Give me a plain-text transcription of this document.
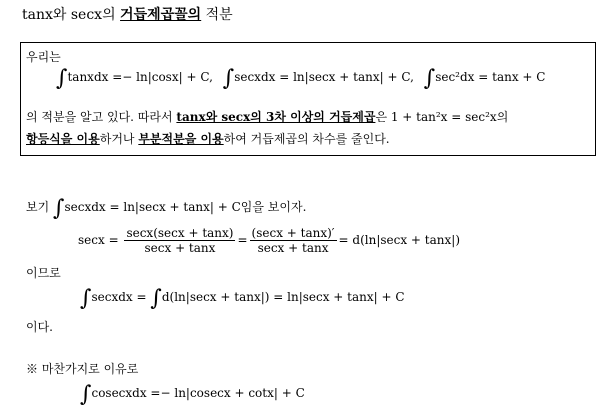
tanx와 secx의 거듭제곱꼴의 적분
우리는
∫tanxdx =− ln|cosx| + C, ∫secxdx = ln|secx + tanx| + C, ∫sec²dx = tanx + C
의 적분을 알고 있다. 따라서 tanx와 secx의 3차 이상의 거듭제곱은 1 + tan²x = sec²x의
항등식을 이용하거나 부분적분을 이용하여 거듭제곱의 차수를 줄인다.
보기 ∫secxdx = ln|secx + tanx| + C임을 보이자.
$\sec x = \frac{\sec x(\sec x + \tan x)}{\sec x + \tan x} = \frac{(\sec x + \tan x)'}{\sec x + \tan x} = d(\ln|\sec x + \tan x|)$
이므로
∫secxdx = ∫d(ln|secx + tanx|) = ln|secx + tanx| + C
이다.
※ 마찬가지로 이유로
∫cosecxdx =− ln|cosecx + cotx| + C
